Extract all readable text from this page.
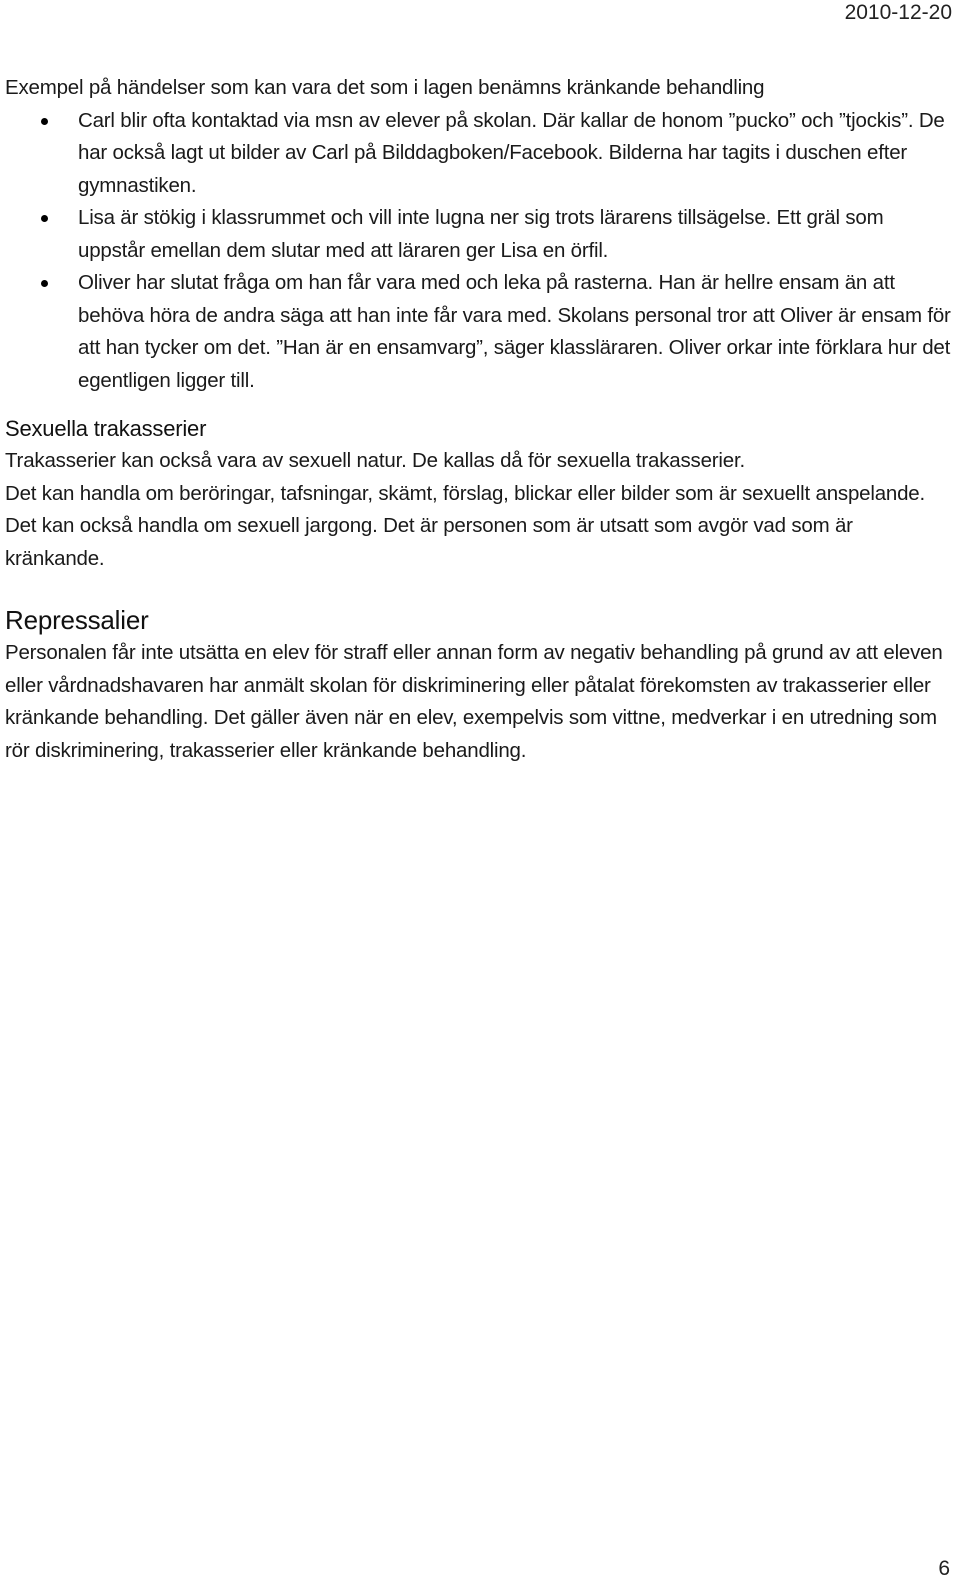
2010-12-20

Exempel på händelser som kan vara det som i lagen benämns kränkande behandling

Carl blir ofta kontaktad via msn av elever på skolan. Där kallar de honom ”pucko” och ”tjockis”. De har också lagt ut bilder av Carl på Bilddagboken/Facebook. Bilderna har tagits i duschen efter gymnastiken.
Lisa är stökig i klassrummet och vill inte lugna ner sig trots lärarens tillsägelse. Ett gräl som uppstår emellan dem slutar med att läraren ger Lisa en örfil.
Oliver har slutat fråga om han får vara med och leka på rasterna. Han är hellre ensam än att behöva höra de andra säga att han inte får vara med. Skolans personal tror att Oliver är ensam för att han tycker om det. ”Han är en ensamvarg”, säger klassläraren. Oliver orkar inte förklara hur det egentligen ligger till.
Sexuella trakasserier

Trakasserier kan också vara av sexuell natur. De kallas då för sexuella trakasserier.

Det kan handla om beröringar, tafsningar, skämt, förslag, blickar eller bilder som är sexuellt anspelande. Det kan också handla om sexuell jargong. Det är personen som är utsatt som avgör vad som är kränkande.

Repressalier

Personalen får inte utsätta en elev för straff eller annan form av negativ behandling på grund av att eleven eller vårdnadshavaren har anmält skolan för diskriminering eller påtalat förekomsten av trakasserier eller kränkande behandling. Det gäller även när en elev, exempelvis som vittne, medverkar i en utredning som rör diskriminering, trakasserier eller kränkande behandling.

6
